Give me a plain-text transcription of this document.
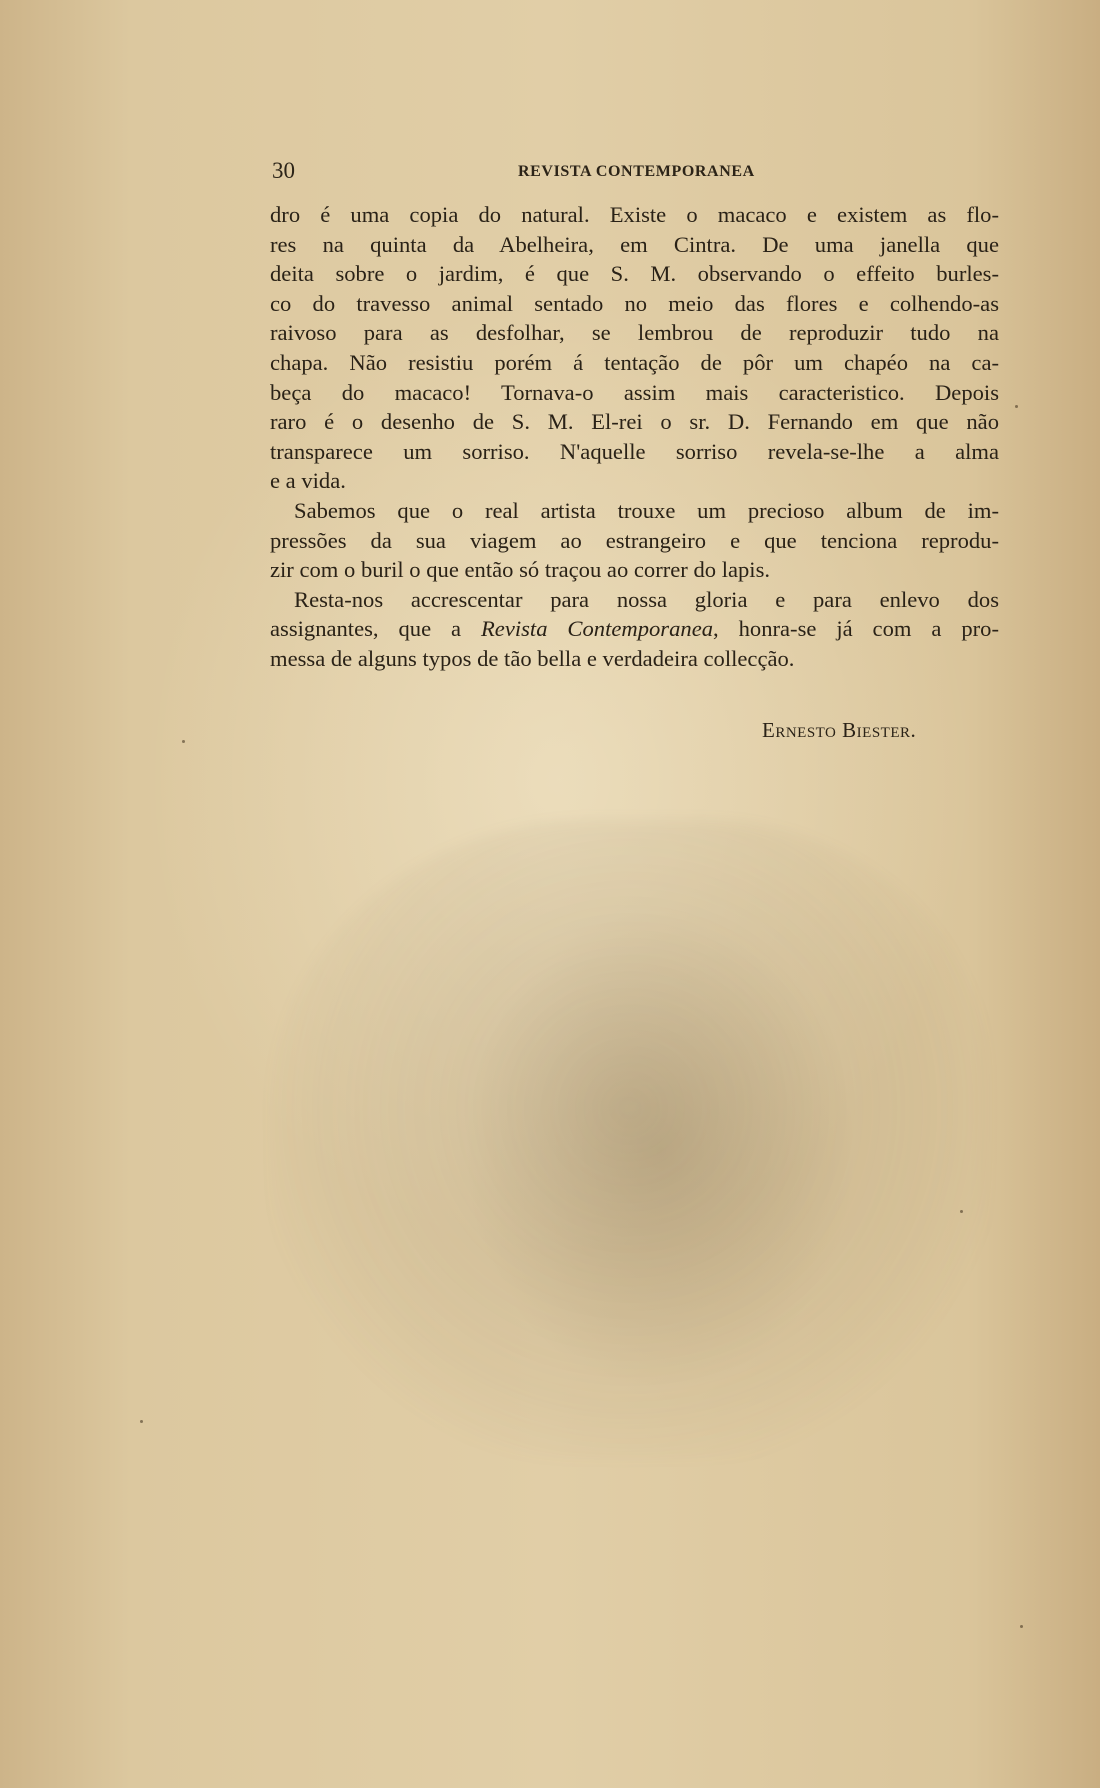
30	REVISTA CONTEMPORANEA

dro é uma copia do natural. Existe o macaco e existem as flo-
res na quinta da Abelheira, em Cintra. De uma janella que
deita sobre o jardim, é que S. M. observando o effeito burles-
co do travesso animal sentado no meio das flores e colhendo-as
raivoso para as desfolhar, se lembrou de reproduzir tudo na
chapa. Não resistiu porém á tentação de pôr um chapéo na ca-
beça do macaco! Tornava-o assim mais caracteristico. Depois
raro é o desenho de S. M. El-rei o sr. D. Fernando em que não
transparece um sorriso. N'aquelle sorriso revela-se-lhe a alma
e a vida.

Sabemos que o real artista trouxe um precioso album de im-
pressões da sua viagem ao estrangeiro e que tenciona reprodu-
zir com o buril o que então só traçou ao correr do lapis.

Resta-nos accrescentar para nossa gloria e para enlevo dos
assignantes, que a Revista Contemporanea, honra-se já com a pro-
messa de alguns typos de tão bella e verdadeira collecção.

Ernesto Biester.
